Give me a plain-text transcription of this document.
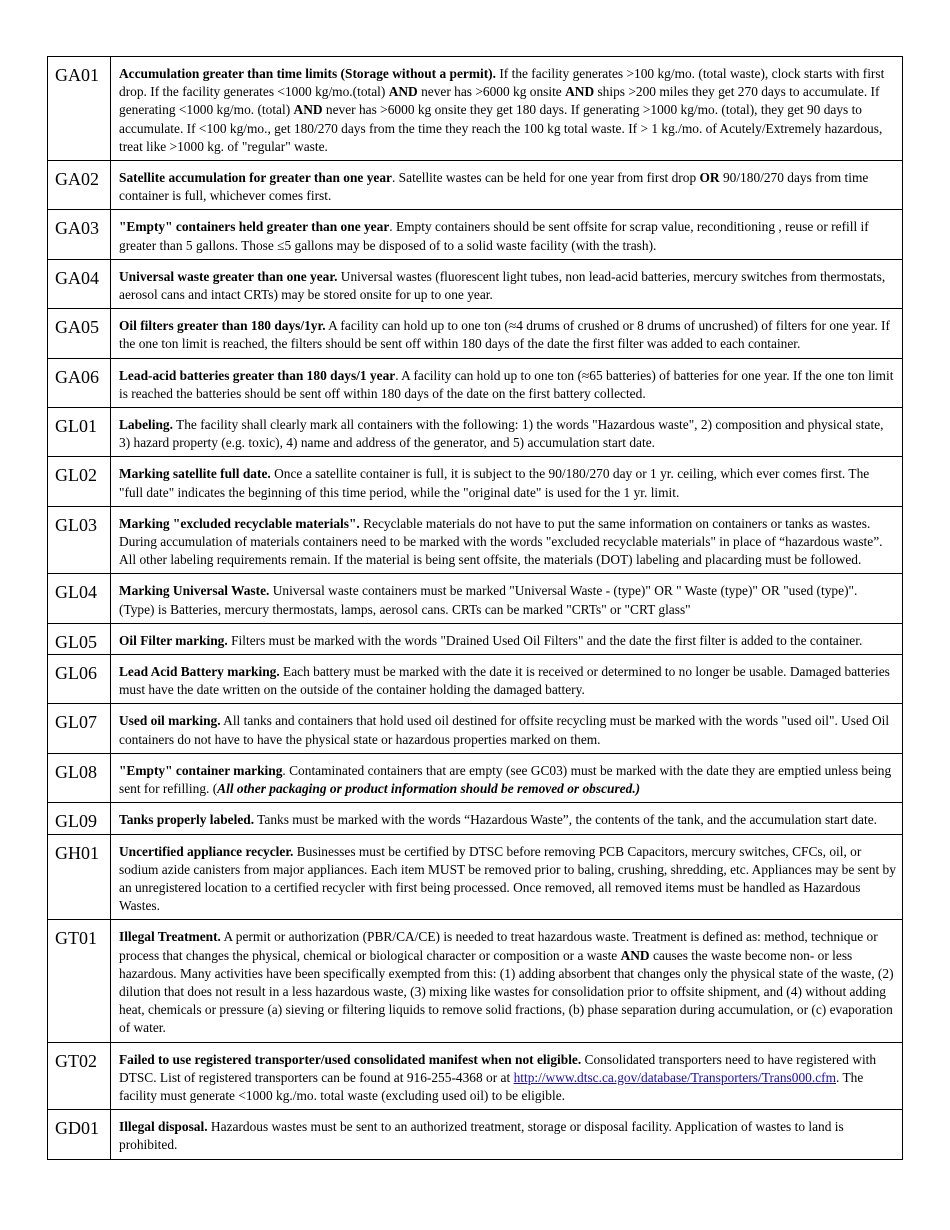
GA01	Accumulation greater than time limits (Storage without a permit). If the facility generates >100 kg/mo. (total waste), clock starts with first drop. If the facility generates <1000 kg/mo.(total) AND never has >6000 kg onsite AND ships >200 miles they get 270 days to accumulate. If generating <1000 kg/mo. (total) AND never has >6000 kg onsite they get 180 days. If generating >1000 kg/mo. (total), they get 90 days to accumulate. If <100 kg/mo., get 180/270 days from the time they reach the 100 kg total waste. If > 1 kg./mo. of Acutely/Extremely hazardous, treat like >1000 kg. of "regular" waste.
GA02	Satellite accumulation for greater than one year. Satellite wastes can be held for one year from first drop OR 90/180/270 days from time container is full, whichever comes first.
GA03	"Empty" containers held greater than one year. Empty containers should be sent offsite for scrap value, reconditioning , reuse or refill if greater than 5 gallons. Those ≤5 gallons may be disposed of to a solid waste facility (with the trash).
GA04	Universal waste greater than one year. Universal wastes (fluorescent light tubes, non lead-acid batteries, mercury switches from thermostats, aerosol cans and intact CRTs) may be stored onsite for up to one year.
GA05	Oil filters greater than 180 days/1yr. A facility can hold up to one ton (≈4 drums of crushed or 8 drums of uncrushed) of filters for one year. If the one ton limit is reached, the filters should be sent off within 180 days of the date the first filter was added to each container.
GA06	Lead-acid batteries greater than 180 days/1 year. A facility can hold up to one ton (≈65 batteries) of batteries for one year. If the one ton limit is reached the batteries should be sent off within 180 days of the date on the first battery collected.
GL01	Labeling. The facility shall clearly mark all containers with the following: 1) the words "Hazardous waste", 2) composition and physical state, 3) hazard property (e.g. toxic), 4) name and address of the generator, and 5) accumulation start date.
GL02	Marking satellite full date. Once a satellite container is full, it is subject to the 90/180/270 day or 1 yr. ceiling, which ever comes first. The "full date" indicates the beginning of this time period, while the "original date" is used for the 1 yr. limit.
GL03	Marking "excluded recyclable materials". Recyclable materials do not have to put the same information on containers or tanks as wastes. During accumulation of materials containers need to be marked with the words "excluded recyclable materials" in place of “hazardous waste”. All other labeling requirements remain. If the material is being sent offsite, the materials (DOT) labeling and placarding must be followed.
GL04	Marking Universal Waste. Universal waste containers must be marked "Universal Waste - (type)" OR " Waste (type)" OR "used (type)". (Type) is Batteries, mercury thermostats, lamps, aerosol cans. CRTs can be marked "CRTs" or "CRT glass"
GL05	Oil Filter marking. Filters must be marked with the words "Drained Used Oil Filters" and the date the first filter is added to the container.
GL06	Lead Acid Battery marking. Each battery must be marked with the date it is received or determined to no longer be usable. Damaged batteries must have the date written on the outside of the container holding the damaged battery.
GL07	Used oil marking. All tanks and containers that hold used oil destined for offsite recycling must be marked with the words "used oil". Used Oil containers do not have to have the physical state or hazardous properties marked on them.
GL08	"Empty" container marking. Contaminated containers that are empty (see GC03) must be marked with the date they are emptied unless being sent for refilling. (All other packaging or product information should be removed or obscured.)
GL09	Tanks properly labeled. Tanks must be marked with the words “Hazardous Waste”, the contents of the tank, and the accumulation start date.
GH01	Uncertified appliance recycler. Businesses must be certified by DTSC before removing PCB Capacitors, mercury switches, CFCs, oil, or sodium azide canisters from major appliances. Each item MUST be removed prior to baling, crushing, shredding, etc. Appliances may be sent by an unregistered location to a certified recycler with first being processed. Once removed, all removed items must be handled as Hazardous Wastes.
GT01	Illegal Treatment. A permit or authorization (PBR/CA/CE) is needed to treat hazardous waste. Treatment is defined as: method, technique or process that changes the physical, chemical or biological character or composition or a waste AND causes the waste become non- or less hazardous. Many activities have been specifically exempted from this: (1) adding absorbent that changes only the physical state of the waste, (2) dilution that does not result in a less hazardous waste, (3) mixing like wastes for consolidation prior to offsite shipment, and (4) without adding heat, chemicals or pressure (a) sieving or filtering liquids to remove solid fractions, (b) phase separation during accumulation, or (c) evaporation of water.
GT02	Failed to use registered transporter/used consolidated manifest when not eligible. Consolidated transporters need to have registered with DTSC. List of registered transporters can be found at 916-255-4368 or at http://www.dtsc.ca.gov/database/Transporters/Trans000.cfm. The facility must generate <1000 kg./mo. total waste (excluding used oil) to be eligible.
GD01	Illegal disposal. Hazardous wastes must be sent to an authorized treatment, storage or disposal facility. Application of wastes to land is prohibited.
